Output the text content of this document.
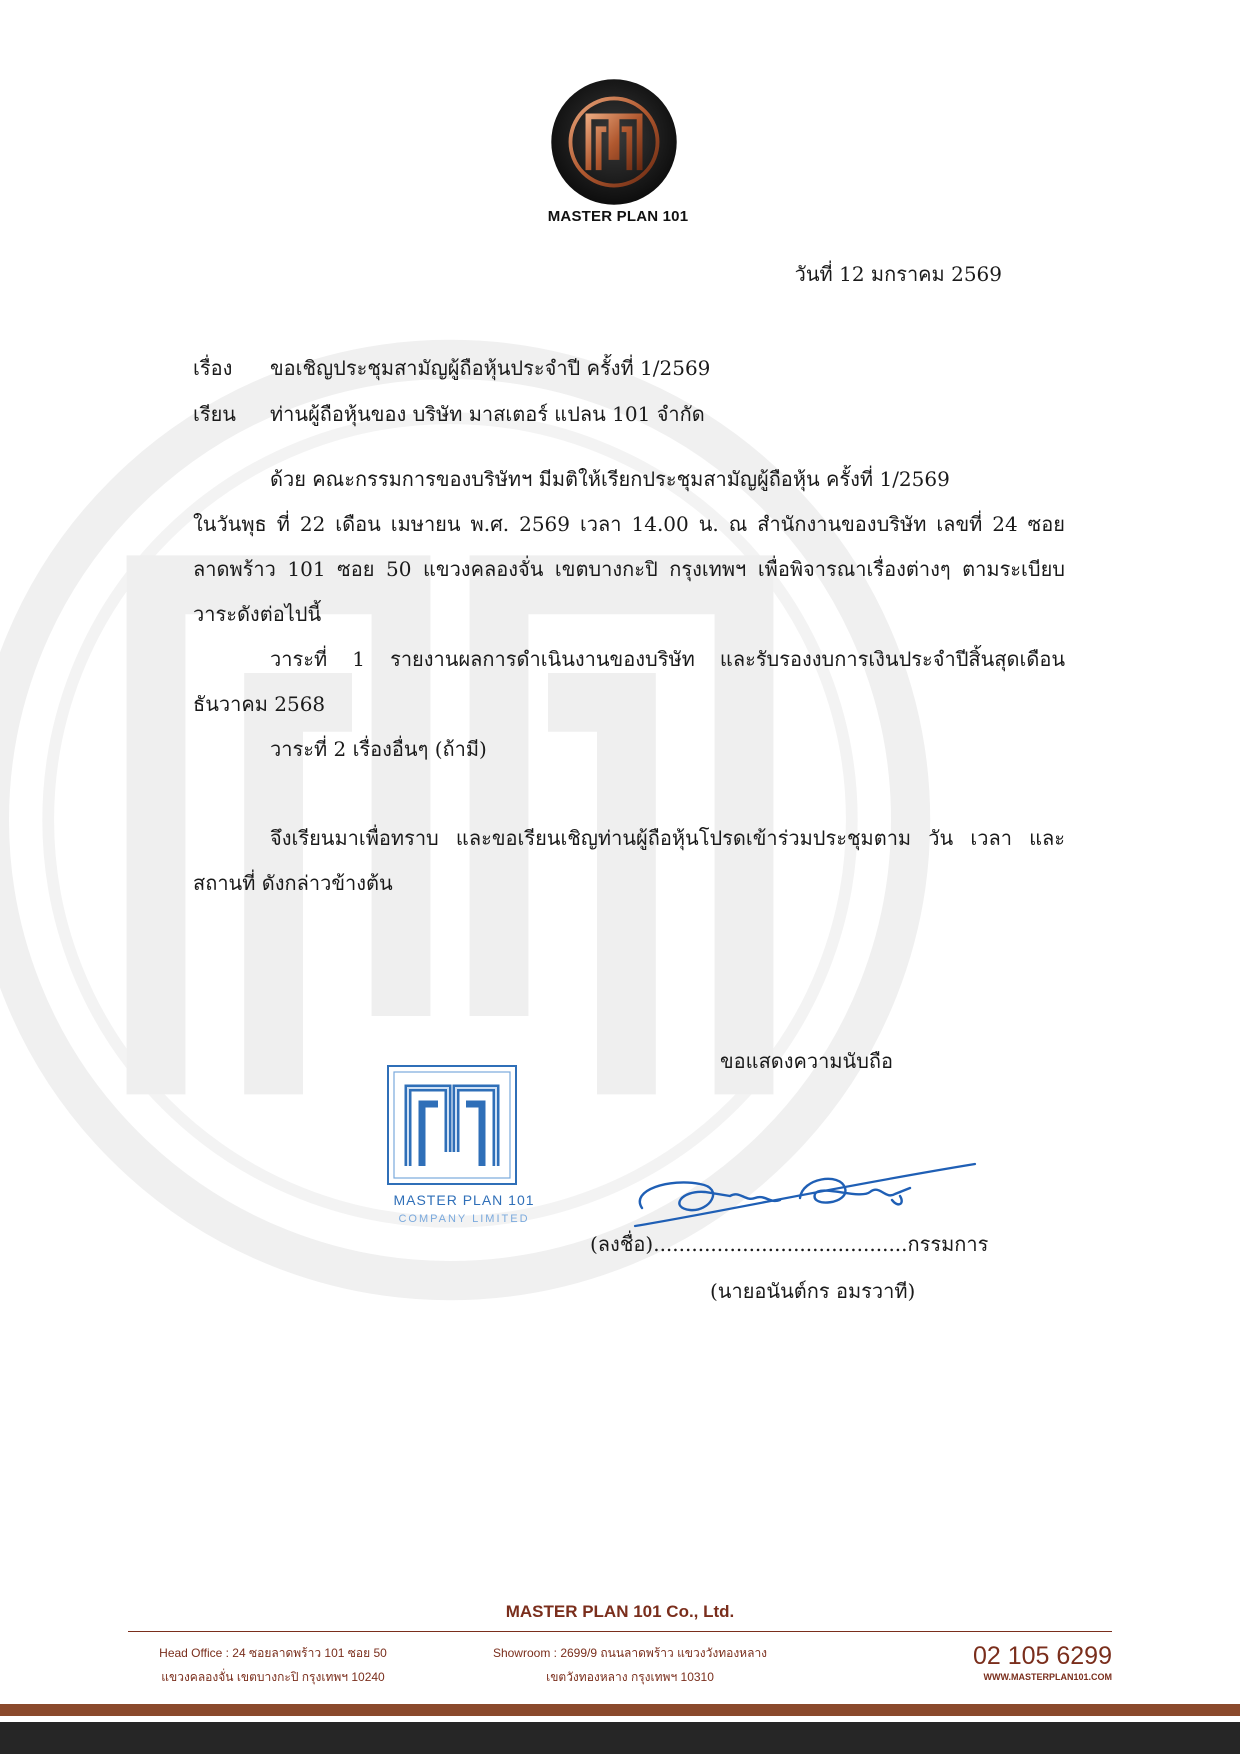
MASTER PLAN 101
วันที่ 12 มกราคม 2569
เรื่อง ขอเชิญประชุมสามัญผู้ถือหุ้นประจำปี ครั้งที่ 1/2569
เรียน ท่านผู้ถือหุ้นของ บริษัท มาสเตอร์ แปลน 101 จำกัด
ด้วย คณะกรรมการของบริษัทฯ มีมติให้เรียกประชุมสามัญผู้ถือหุ้น ครั้งที่ 1/2569
ในวันพุธ ที่ 22 เดือน เมษายน พ.ศ. 2569 เวลา 14.00 น. ณ สำนักงานของบริษัท เลขที่ 24 ซอย
ลาดพร้าว 101 ซอย 50 แขวงคลองจั่น เขตบางกะปิ กรุงเทพฯ เพื่อพิจารณาเรื่องต่างๆ ตามระเบียบ
วาระดังต่อไปนี้
วาระที่ 1 รายงานผลการดำเนินงานของบริษัท และรับรองงบการเงินประจำปีสิ้นสุดเดือน
ธันวาคม 2568
วาระที่ 2 เรื่องอื่นๆ (ถ้ามี)
จึงเรียนมาเพื่อทราบ และขอเรียนเชิญท่านผู้ถือหุ้นโปรดเข้าร่วมประชุมตาม วัน เวลา และ
สถานที่ ดังกล่าวข้างต้น
ขอแสดงความนับถือ
MASTER PLAN 101
COMPANY LIMITED
(ลงชื่อ)........................................กรรมการ
(นายอนันต์กร อมรวาที)
MASTER PLAN 101 Co., Ltd.
Head Office : 24 ซอยลาดพร้าว 101 ซอย 50
แขวงคลองจั่น เขตบางกะปิ กรุงเทพฯ 10240
Showroom : 2699/9 ถนนลาดพร้าว แขวงวังทองหลาง
เขตวังทองหลาง กรุงเทพฯ 10310
02 105 6299
WWW.MASTERPLAN101.COM
